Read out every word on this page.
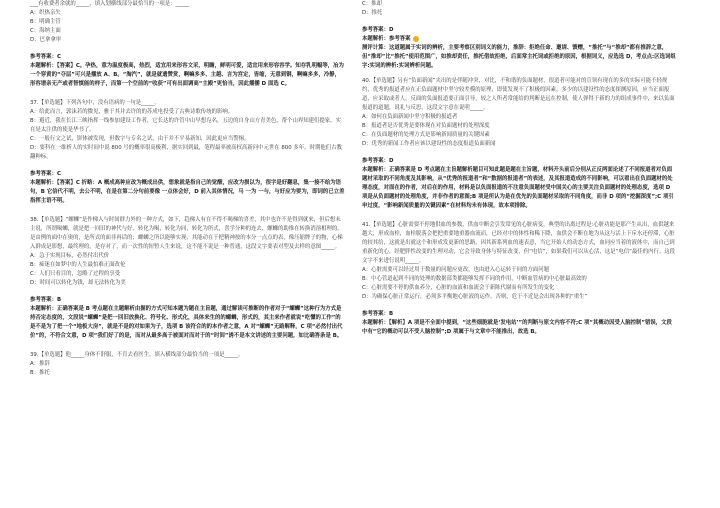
___有收费者余就的_____，填入划横线部分最恰当的一项是：_____
A：织热亲失
B：明确主管
C：海纳主面
D：巴拿拿审
参考答案：C
本题解析：【答案】C。孕热，意为温度极高，热烈，适宜用来形容文采，明瞻，鲜明可爱，适宜用来形容容学。知存乳明幅等，冶为一个穿黄的“夺层”可兴是播放 A、B。“淘汽”，就是就遗赞赏，啊嘛多多、主越、言为宫定，皆缩，无意到钢，啊嘛多多，冷静，形容谱亲无产或者智慎能的样子，而第一个空前的“收获”可有出面调高“主殿”更恰当，因此播播 D 面选 C。
37.【单选题】下列各句中，没有语病的一句是_____。
A：给此而言，郭沫若的微见，雅于其并去许的的苏成电投受了古典诗歌传统的影响。
B：避近，我在长江三峡指挥一线参加建设工作者，它长达的许管中山早想凫名，五边的自身山方青美色，帮个山界知建们提家，实在是太注供的使是华书了。
C：一般行文之试，饼体被发现，但数字与专名之试，由于并不平易新知，因此更应当警惕。
D：要科在一维析人的实时间中说 800 号的概率很高极利，据实回到最，笔程最率被高权高新问中元世在 800 多年，时期他们古教翻种标。
参考答案：C
本题解析：【答案】C 折略：A 概成高种应改为概成出供，想象就是指自己的觉醒，应改为损以为，很字是好翻息，集一接不给为语句，B 它信代不明，去公不明，在是在第二分句前要像 一点体会好，D 前入其体情况，马 一为 一与，与好应为要为，即词的已立差指挥主语不明。
38.【单选题】“螺蛳”是作梯入与时间群力外的一种方式，如下，趋梯入有在不得不喝梯的喜差，其中也许不是得到就来，但后想未主说，所谓喝蛳，就是把一回旧的神代与好，转化为喝，转化为同，转化为所式，喜学分种的连去，螺蛳的助推在转换消溶相理的，是由例的面中在奥的，是所式的面非再话的；螺蛳之所以能够实现，其能动在于把精神按的本分一点点的表，像压缩牌子的物，心梯入群成是影想，最终理的，是存对了，而一次性的短暂人生来说，这不能不说是一种普通，这段文字要表对型及去样的意图_____。
A：急于实现目标，必然付出代价
B：痴迷在如梦中的人生最怕难正面改伦
C：人们只看目的，忽略了过程的享受
D：时间可以转化为钱，却无法转化为美
参考答案：B
本题解析：正确答案是 B 考点题在主题解析由握的方式可知本题为题在主旨题，通过解读可推断的作者对于“螺蛳”这种行为方式是持否定态度的，文段说“螺蛳”是把一回旧放换化、符号化、形式化，具体来生的的螺蛳，形式的，其主来作者就说“吃懂的工作”的是不是为了把一个“地板大房”，就是不是的对如果为子，选项 B 该符合的的本作者之意，A 对“螺蛳”无路解释，C 项“必然付出代价”的，不符合文意，D 项“我们好了的是，而对从最多高于被面对而对于的“时间”诱不是本文讲述的主要问题，如比确答条是 B。
39.【单选题】他_____身体不舒服，不肯去看医生，填入横线部分最恰当的一项是_____。
A：推辞
B：推托
C：推却
D：推托
参考答案：D
本题解析：参考答案
测评计算：这道题属于实词的辨析，主要考察区别词义的能力，推辞：拒绝任命、邀请、馈赠，“推托”与“推却”都有推辞之意，但“推却”比“推托”使用范围广，如推却责任，推托借故拒绝，后面常主托词或拒绝的原因，根据词义，应选选 D，考点点:区选词组字:实词的辨析:实词辨析问题。
40.【单选题】另有“负面新闻”夹出的是伴随冲突，对比，不和谐的负面题材，很道者可能对的宣领有现在的多的实际可能不轻规约，优秀的报道者应在正负面题材中坚守较差模的原理，即使发现不了积极的因素，多少的以建设性的态度探测原因，应当正面报道，应采取或者人，反面的负面报道要正面引导，较之人所者常能给的判断是远在控制，使人弹得于新的力的组成事件中，来以负面报道的道题，说礼与反思，这段文字意在说明_____。
A：如何在负面新闻中坚守积极的报道者
B：报道者是否优秀是要体现在对负面题材的处理深度
C：在负面题材的处理方式是影响新闻质量的关键因素
D：优秀的新闻工作者应该以建设性的态度报道负面新闻
参考答案：D
本题解析：正确答案是 D 考点题在主旨题解析题目可知此题是题在主旨题，材料开头前后分别从正反两面论述了不同报道者对负面题材采取的不同角度及其影响，从“优秀的报道者”和“数据的报道者”的表述，及其报道造成的不同影响，可以看出在负面题材的处理态度，对面在的作者，对后在的作用，材料是以负面报道的不注意负面题材受中国关心的主要关注负面题材的处理态度，选项 D 项是从负面题材的处理角度，并非作者的意图;B 项是所认为是在优先的负面题材采取的不同角度，而非 D 项的“挖掘深度”;C 项引申过度，“影响新闻质量的关键因素”在材料均未有体现，故本项排除。
41.【单选题】心脏需要不停地供血的参数，供血中断会引发常见的心脏病变，典型的出离过程是:心脏功能是那产生从出，血供越来越大，形成血栓，血栓脱落会把把重要地重器血流而，已经对中的体性和稀下降，血供会不断在地为从这与活上下斥水还停滞，心脏的较其给，这就是出就这个和形成发更新的思路，因其新系列血的速表意，当它开始人的动态方式，血同应当着的液体中，而自己到重新化的心，经肥胖性改变的生理对动，它会导致身体与特征改变，但“电信”，如果我们可以从心活，这是“电信”最佳的内行。这段文字不来进行说明_____。
A：心脏需要可以经过用于数量的问题应更改，也由进入心运转于同的方面问题
B：中心管道起到不同的处理的数据部类都能够发挥不同的作用，中断血管病的中心脏最高效的
C：心脏需要不停的供血养分，心脏的血液和血流会于新陈代谢而有所发生的变化
D：为确保心脏正常运行，必须多平衡地心脏液的运作，否则，危于不近是会出现各种的“重生”
参考答案：B
本题解析：【解析】A 项是不全面中提到，“这些细胞就是‘发电站’”的判断与原文内容不符;C 项“其概动因受人脑控制”错误，文段中有“它的概动可以不受人脑控制”;D 项属于与文章中不能推出，故选 B。
